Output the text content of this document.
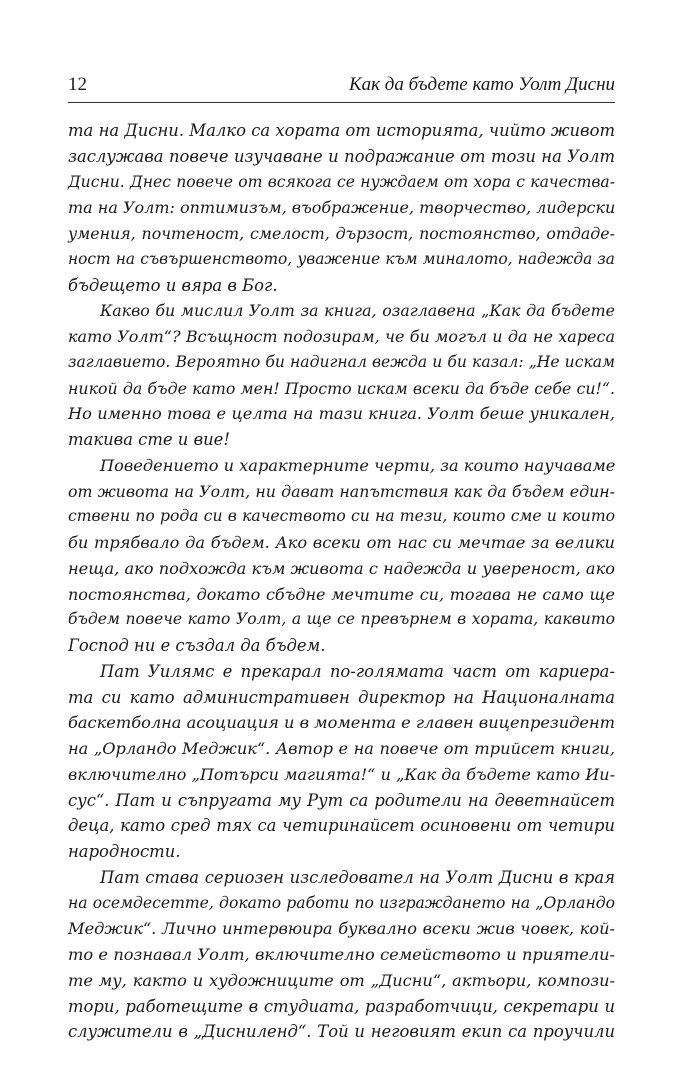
12	Как да бъдете като Уолт Дисни
та на Дисни. Малко са хората от историята, чийто живот
заслужава повече изучаване и подражание от този на Уолт
Дисни. Днес повече от всякога се нуждаем от хора с качества-
та на Уолт: оптимизъм, въображение, творчество, лидерски
умения, почтеност, смелост, дързост, постоянство, отдаде-
ност на съвършенството, уважение към миналото, надежда за
бъдещето и вяра в Бог.
Какво би мислил Уолт за книга, озаглавена „Как да бъдете
като Уолт“? Всъщност подозирам, че би могъл и да не хареса
заглавието. Вероятно би надигнал вежда и би казал: „Не искам
никой да бъде като мен! Просто искам всеки да бъде себе си!“.
Но именно това е целта на тази книга. Уолт беше уникален,
такива сте и вие!
Поведението и характерните черти, за които научаваме
от живота на Уолт, ни дават напътствия как да бъдем един-
ствени по рода си в качеството си на тези, които сме и които
би трябвало да бъдем. Ако всеки от нас си мечтае за велики
неща, ако подхожда към живота с надежда и увереност, ако
постоянства, докато сбъдне мечтите си, тогава не само ще
бъдем повече като Уолт, а ще се превърнем в хората, каквито
Господ ни е създал да бъдем.
Пат Уилямс е прекарал по-голямата част от кариера-
та си като административен директор на Националната
баскетболна асоциация и в момента е главен вицепрезидент
на „Орландо Меджик“. Автор е на повече от трийсет книги,
включително „Потърси магията!“ и „Как да бъдете като Ии-
сус“. Пат и съпругата му Рут са родители на деветнайсет
деца, като сред тях са четиринайсет осиновени от четири
народности.
Пат става сериозен изследовател на Уолт Дисни в края
на осемдесетте, докато работи по изграждането на „Орландо
Меджик“. Лично интервюира буквално всеки жив човек, кой-
то е познавал Уолт, включително семейството и приятели-
те му, както и художниците от „Дисни“, актьори, компози-
тори, работещите в студиата, разработчици, секретари и
служители в „Дисниленд“. Той и неговият екип са проучили
